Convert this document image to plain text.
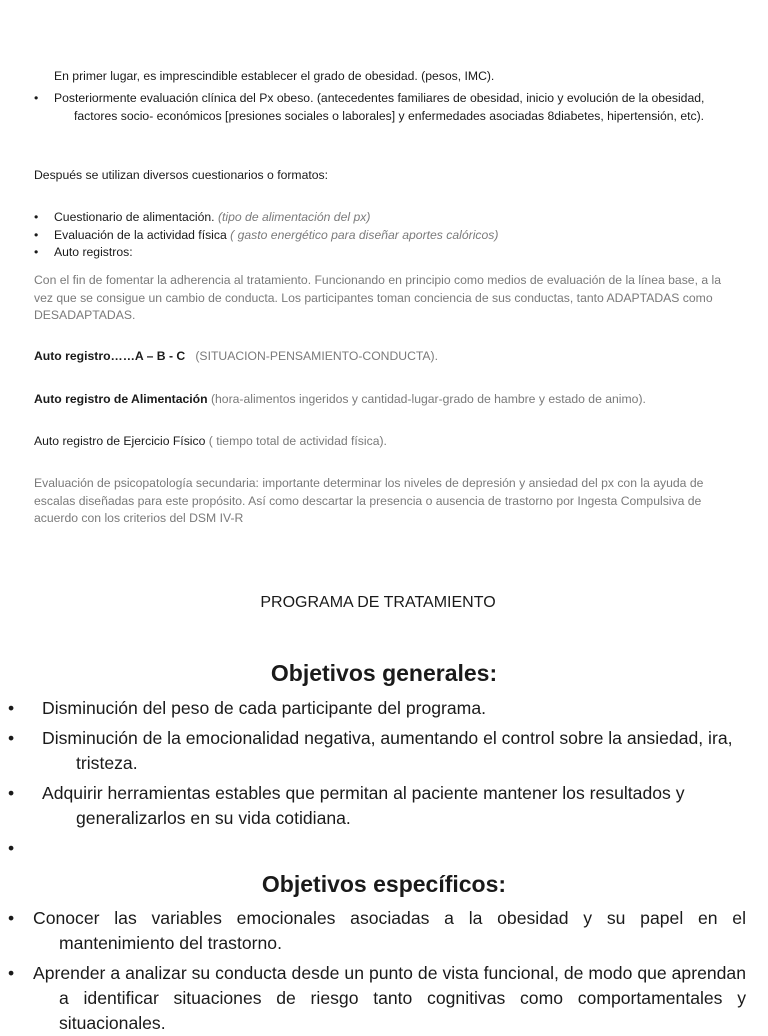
En primer lugar, es imprescindible establecer el grado de obesidad. (pesos, IMC).
• Posteriormente evaluación clínica del Px obeso. (antecedentes familiares de obesidad, inicio y evolución de la obesidad, factores socio- económicos [presiones sociales o laborales] y enfermedades asociadas 8diabetes, hipertensión, etc).
Después se utilizan diversos cuestionarios o formatos:
• Cuestionario de alimentación. (tipo de alimentación del px)
• Evaluación de la actividad física ( gasto energético para diseñar aportes calóricos)
• Auto registros:
Con el fin de fomentar la adherencia al tratamiento. Funcionando en principio como medios de evaluación de la línea base, a la vez que se consigue un cambio de conducta. Los participantes toman conciencia de sus conductas, tanto ADAPTADAS como DESADAPTADAS.
Auto registro……A – B - C   (SITUACION-PENSAMIENTO-CONDUCTA).
Auto registro de Alimentación (hora-alimentos ingeridos y cantidad-lugar-grado de hambre y estado de animo).
Auto registro de Ejercicio Físico ( tiempo total de actividad física).
Evaluación de psicopatología secundaria: importante determinar los niveles de depresión y ansiedad del px con la ayuda de escalas diseñadas para este propósito. Así como descartar la presencia o ausencia de trastorno por Ingesta Compulsiva de acuerdo con los criterios del DSM IV-R
PROGRAMA DE TRATAMIENTO
Objetivos generales:
• Disminución del peso de cada participante del programa.
• Disminución de la emocionalidad negativa, aumentando el control sobre la ansiedad, ira, tristeza.
• Adquirir herramientas estables que permitan al paciente mantener los resultados y generalizarlos en su vida cotidiana.
•
Objetivos específicos:
• Conocer las variables emocionales asociadas a la obesidad y su papel en el mantenimiento del trastorno.
• Aprender a analizar su conducta desde un punto de vista funcional, de modo que aprendan a identificar situaciones de riesgo tanto cognitivas como comportamentales y situacionales.
